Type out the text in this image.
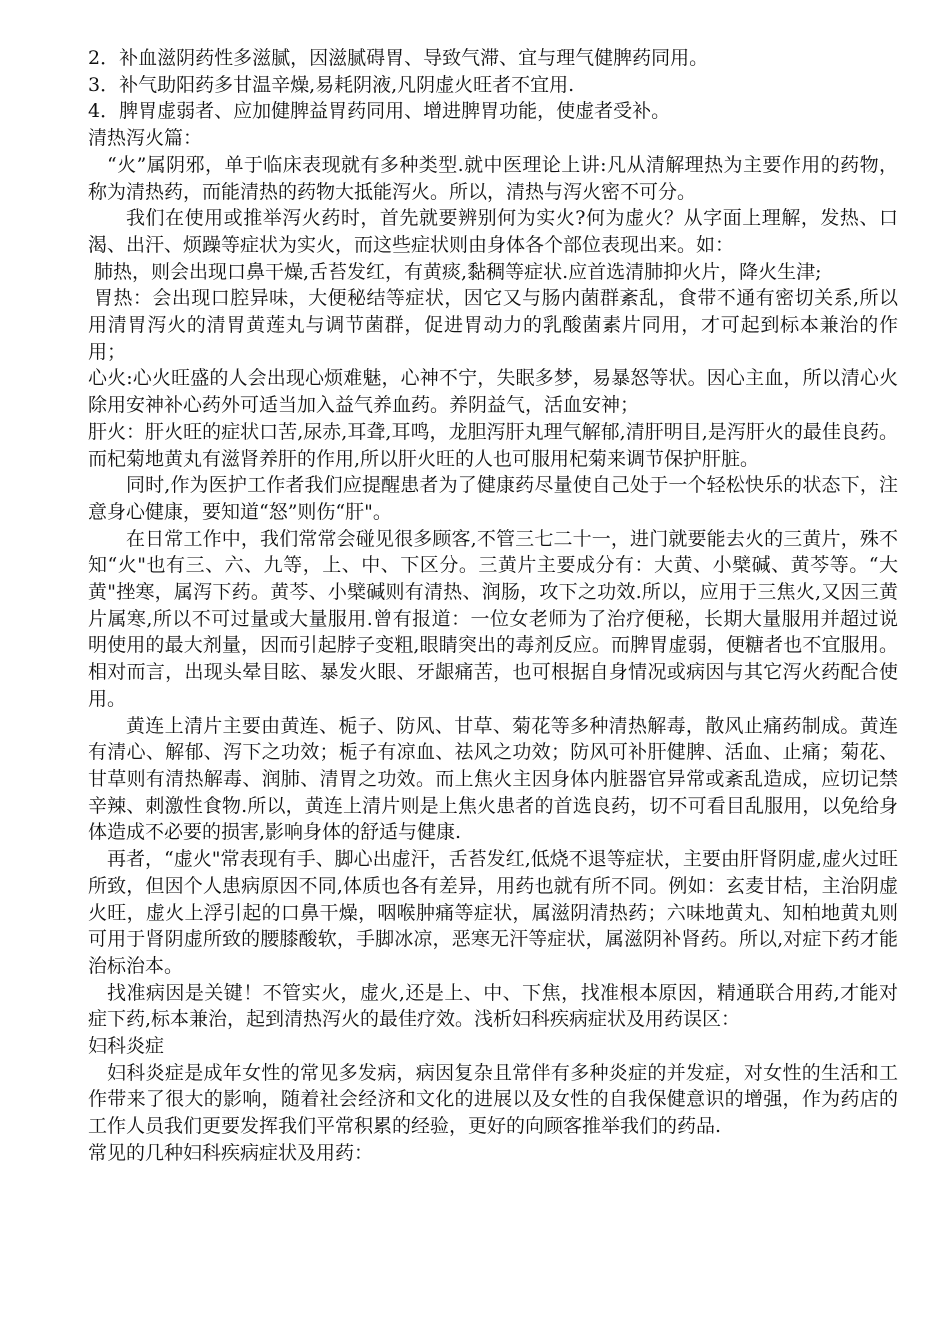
2．补血滋阴药性多滋腻，因滋腻碍胃、导致气滞、宜与理气健脾药同用。

3．补气助阳药多甘温辛燥,易耗阴液,凡阴虚火旺者不宜用.

4．脾胃虚弱者、应加健脾益胃药同用、增进脾胃功能，使虚者受补。

清热泻火篇：

“火”属阴邪，单于临床表现就有多种类型.就中医理论上讲:凡从清解理热为主要作用的药物，称为清热药，而能清热的药物大抵能泻火。所以，清热与泻火密不可分。

我们在使用或推举泻火药时，首先就要辨别何为实火?何为虚火？从字面上理解，发热、口渴、出汗、烦躁等症状为实火，而这些症状则由身体各个部位表现出来。如：

肺热，则会出现口鼻干燥,舌苔发红，有黄痰,黏稠等症状.应首选清肺抑火片，降火生津;

胃热：会出现口腔异味，大便秘结等症状，因它又与肠内菌群紊乱，食带不通有密切关系,所以用清胃泻火的清胃黄莲丸与调节菌群，促进胃动力的乳酸菌素片同用，才可起到标本兼治的作用；

心火:心火旺盛的人会出现心烦难魅，心神不宁，失眠多梦，易暴怒等状。因心主血，所以清心火除用安神补心药外可适当加入益气养血药。养阴益气，活血安神；

肝火：肝火旺的症状口苦,尿赤,耳聋,耳鸣，龙胆泻肝丸理气解郁,清肝明目,是泻肝火的最佳良药。而杞菊地黄丸有滋肾养肝的作用,所以肝火旺的人也可服用杞菊来调节保护肝脏。

同时,作为医护工作者我们应提醒患者为了健康药尽量使自己处于一个轻松快乐的状态下，注意身心健康，要知道“怒”则伤“肝"。

在日常工作中，我们常常会碰见很多顾客,不管三七二十一，进门就要能去火的三黄片，殊不知“火"也有三、六、九等，上、中、下区分。三黄片主要成分有：大黄、小檗碱、黄芩等。“大黄"挫寒，属泻下药。黄芩、小檗碱则有清热、润肠，攻下之功效.所以，应用于三焦火,又因三黄片属寒,所以不可过量或大量服用.曾有报道：一位女老师为了治疗便秘，长期大量服用并超过说明使用的最大剂量，因而引起脖子变粗,眼睛突出的毒剂反应。而脾胃虚弱，便糖者也不宜服用。相对而言，出现头晕目眩、暴发火眼、牙龈痛苦，也可根据自身情况或病因与其它泻火药配合使用。

黄连上清片主要由黄连、栀子、防风、甘草、菊花等多种清热解毒，散风止痛药制成。黄连有清心、解郁、泻下之功效；栀子有凉血、祛风之功效；防风可补肝健脾、活血、止痛；菊花、甘草则有清热解毒、润肺、清胃之功效。而上焦火主因身体内脏器官异常或紊乱造成，应切记禁辛辣、刺激性食物.所以，黄连上清片则是上焦火患者的首选良药，切不可看目乱服用，以免给身体造成不必要的损害,影响身体的舒适与健康.

再者，“虚火"常表现有手、脚心出虚汗，舌苔发红,低烧不退等症状，主要由肝肾阴虚,虚火过旺所致，但因个人患病原因不同,体质也各有差异，用药也就有所不同。例如：玄麦甘桔，主治阴虚火旺，虚火上浮引起的口鼻干燥，咽喉肿痛等症状，属滋阴清热药；六味地黄丸、知柏地黄丸则可用于肾阴虚所致的腰膝酸软，手脚冰凉，恶寒无汗等症状，属滋阴补肾药。所以,对症下药才能治标治本。

找准病因是关键！不管实火，虚火,还是上、中、下焦，找准根本原因，精通联合用药,才能对症下药,标本兼治，起到清热泻火的最佳疗效。浅析妇科疾病症状及用药误区：

妇科炎症

妇科炎症是成年女性的常见多发病，病因复杂且常伴有多种炎症的并发症，对女性的生活和工作带来了很大的影响，随着社会经济和文化的进展以及女性的自我保健意识的增强，作为药店的工作人员我们更要发挥我们平常积累的经验，更好的向顾客推举我们的药品.

常见的几种妇科疾病症状及用药：
